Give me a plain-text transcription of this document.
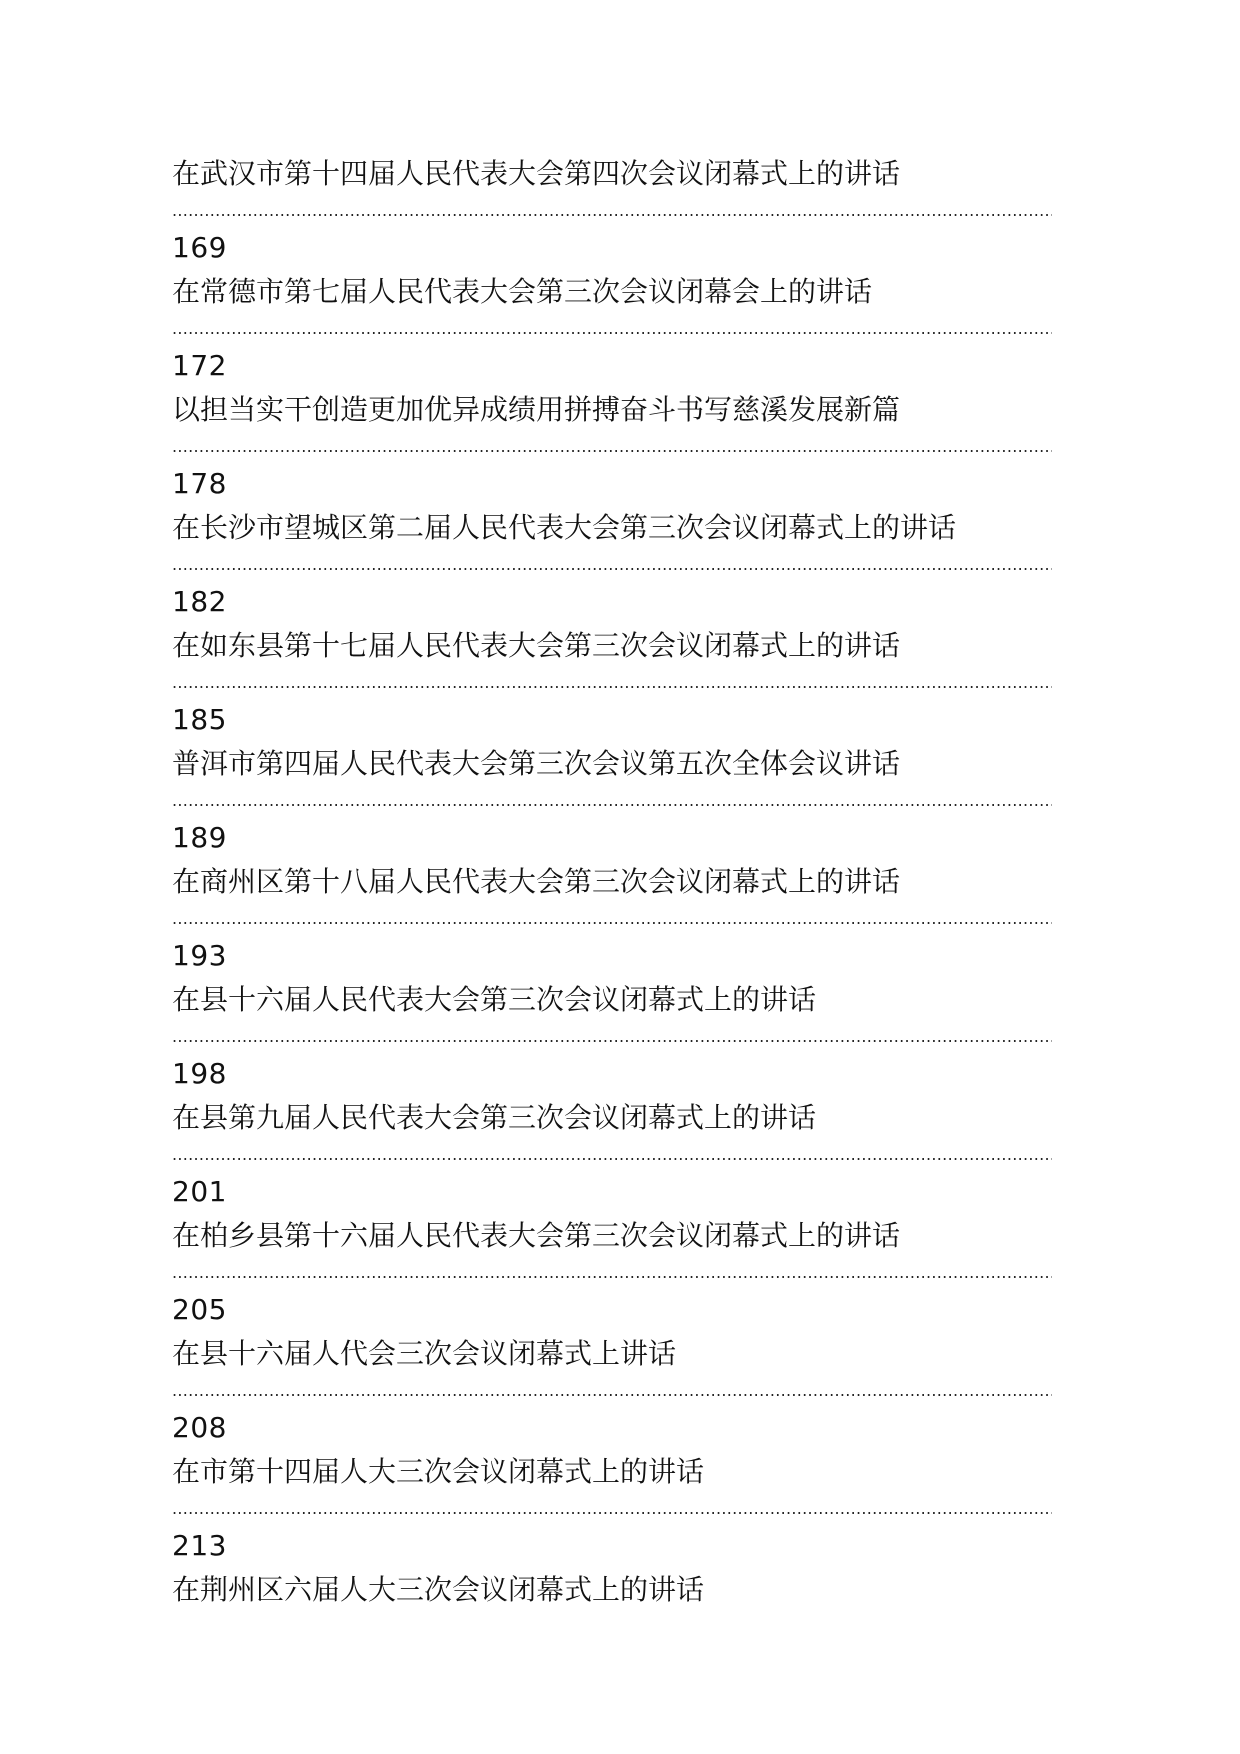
在武汉市第十四届人民代表大会第四次会议闭幕式上的讲话
.....
169
在常德市第七届人民代表大会第三次会议闭幕会上的讲话
.....
172
以担当实干创造更加优异成绩用拼搏奋斗书写慈溪发展新篇
.....
178
在长沙市望城区第二届人民代表大会第三次会议闭幕式上的讲话
.....
182
在如东县第十七届人民代表大会第三次会议闭幕式上的讲话
.....
185
普洱市第四届人民代表大会第三次会议第五次全体会议讲话
.....
189
在商州区第十八届人民代表大会第三次会议闭幕式上的讲话
.....
193
在县十六届人民代表大会第三次会议闭幕式上的讲话
.....
198
在县第九届人民代表大会第三次会议闭幕式上的讲话
.....
201
在柏乡县第十六届人民代表大会第三次会议闭幕式上的讲话
.....
205
在县十六届人代会三次会议闭幕式上讲话
.....
208
在市第十四届人大三次会议闭幕式上的讲话
.....
213
在荆州区六届人大三次会议闭幕式上的讲话
